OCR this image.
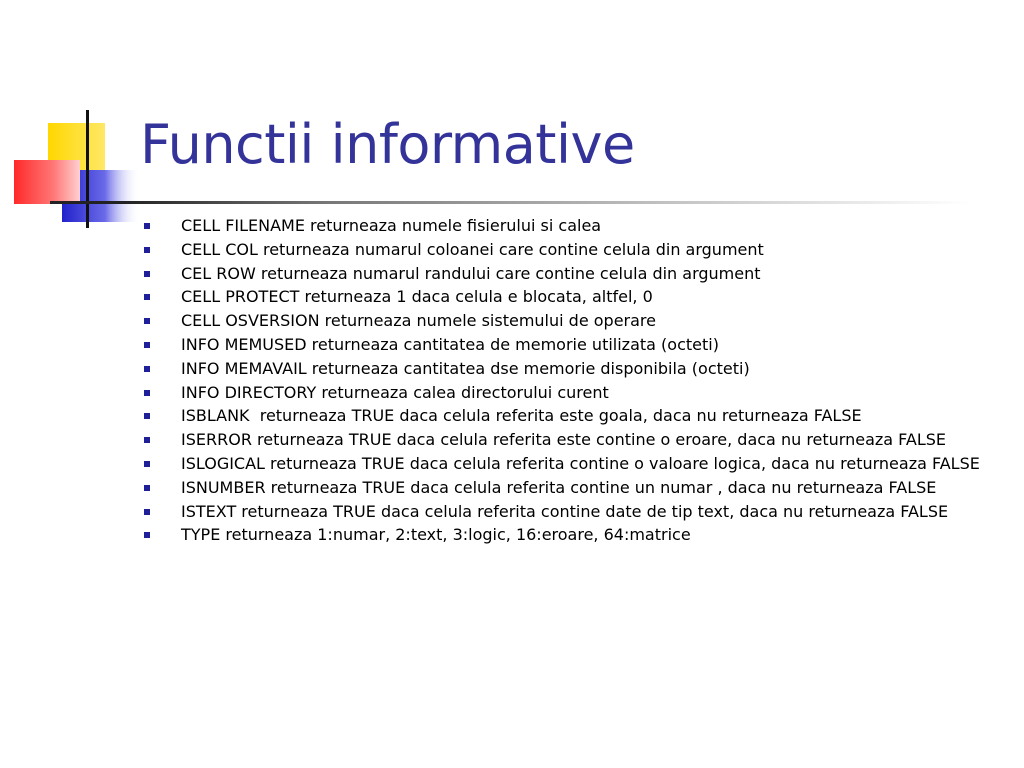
Functii informative
CELL FILENAME returneaza numele fisierului si calea
CELL COL returneaza numarul coloanei care contine celula din argument
CEL ROW returneaza numarul randului care contine celula din argument
CELL PROTECT returneaza 1 daca celula e blocata, altfel, 0
CELL OSVERSION returneaza numele sistemului de operare
INFO MEMUSED returneaza cantitatea de memorie utilizata (octeti)
INFO MEMAVAIL returneaza cantitatea dse memorie disponibila (octeti)
INFO DIRECTORY returneaza calea directorului curent
ISBLANK  returneaza TRUE daca celula referita este goala, daca nu returneaza FALSE
ISERROR returneaza TRUE daca celula referita este contine o eroare, daca nu returneaza FALSE
ISLOGICAL returneaza TRUE daca celula referita contine o valoare logica, daca nu returneaza FALSE
ISNUMBER returneaza TRUE daca celula referita contine un numar , daca nu returneaza FALSE
ISTEXT returneaza TRUE daca celula referita contine date de tip text, daca nu returneaza FALSE
TYPE returneaza 1:numar, 2:text, 3:logic, 16:eroare, 64:matrice
